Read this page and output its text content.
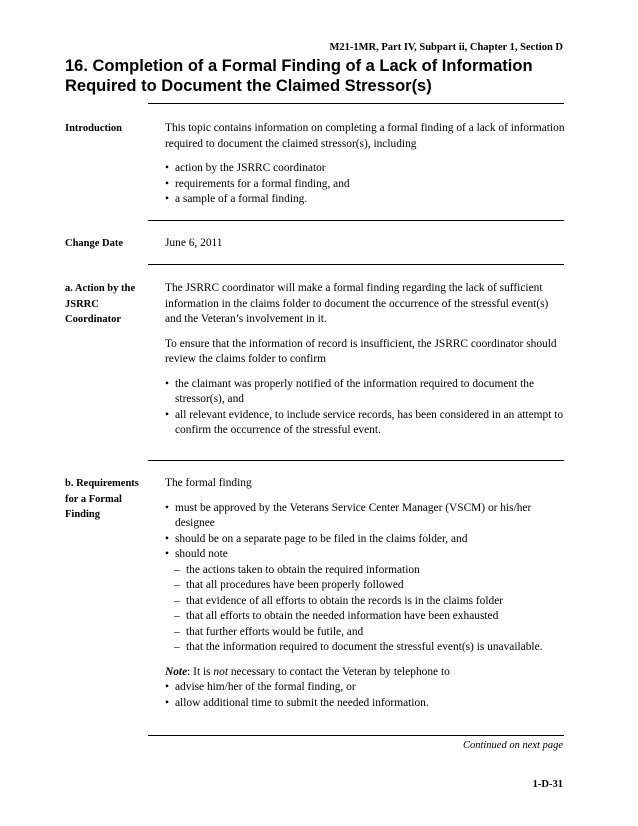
M21-1MR, Part IV, Subpart ii, Chapter 1, Section D
16. Completion of a Formal Finding of a Lack of Information Required to Document the Claimed Stressor(s)
Introduction	This topic contains information on completing a formal finding of a lack of information required to document the claimed stressor(s), including

• action by the JSRRC coordinator
• requirements for a formal finding, and
• a sample of a formal finding.
Change Date	June 6, 2011
a. Action by the JSRRC Coordinator

The JSRRC coordinator will make a formal finding regarding the lack of sufficient information in the claims folder to document the occurrence of the stressful event(s) and the Veteran’s involvement in it.

To ensure that the information of record is insufficient, the JSRRC coordinator should review the claims folder to confirm

• the claimant was properly notified of the information required to document the stressor(s), and
• all relevant evidence, to include service records, has been considered in an attempt to confirm the occurrence of the stressful event.
b. Requirements for a Formal Finding

The formal finding

• must be approved by the Veterans Service Center Manager (VSCM) or his/her designee
• should be on a separate page to be filed in the claims folder, and
• should note
– the actions taken to obtain the required information
– that all procedures have been properly followed
– that evidence of all efforts to obtain the records is in the claims folder
– that all efforts to obtain the needed information have been exhausted
– that further efforts would be futile, and
– that the information required to document the stressful event(s) is unavailable.

Note: It is not necessary to contact the Veteran by telephone to

• advise him/her of the formal finding, or
• allow additional time to submit the needed information.
Continued on next page
1-D-31
